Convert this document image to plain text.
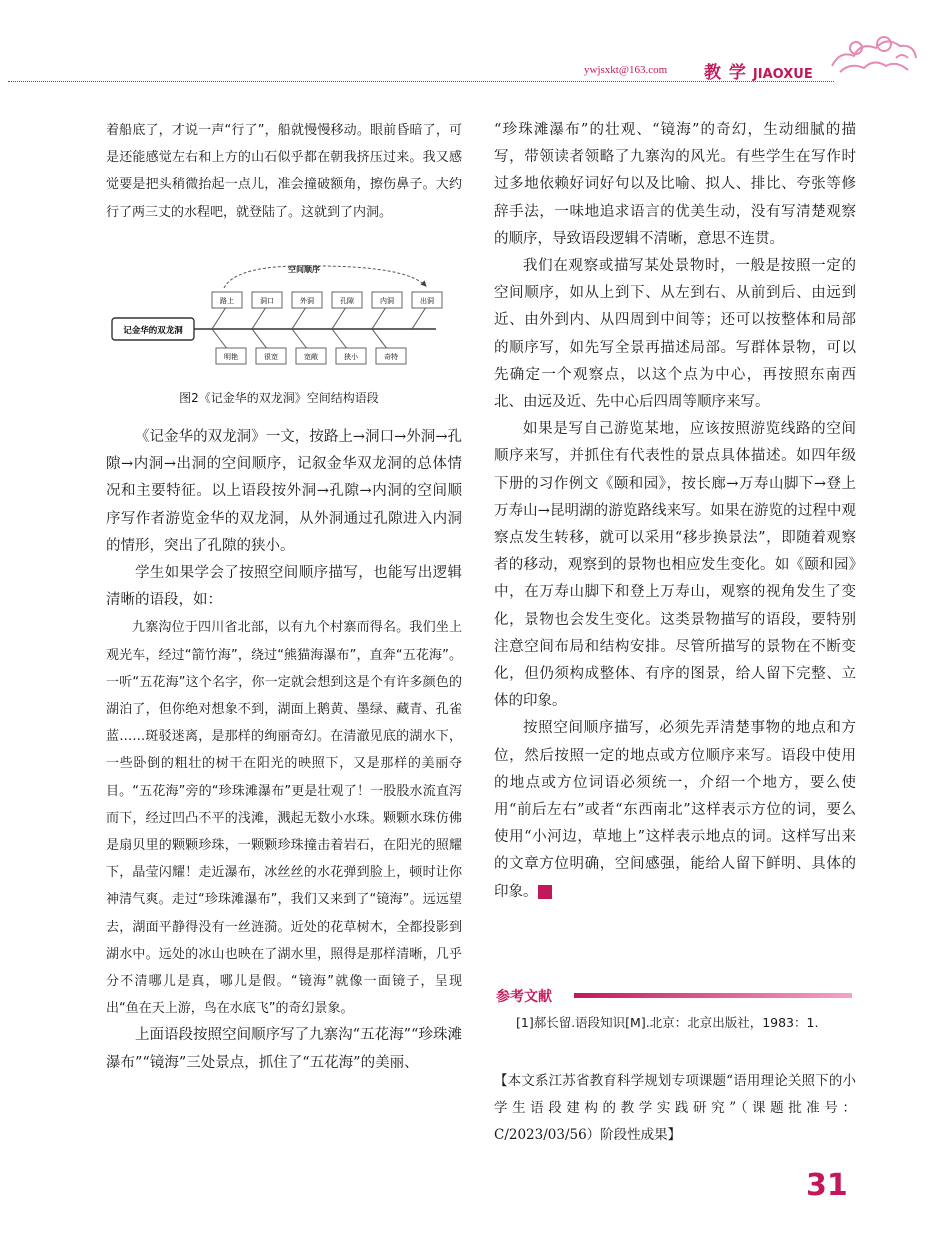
ywjsxkt@163.com 教 学 JIAOXUE

着船底了，才说一声“行了”，船就慢慢移动。眼前昏暗了，可是还能感觉左右和上方的山石似乎都在朝我挤压过来。我又感觉要是把头稍微抬起一点儿，准会撞破额角，擦伤鼻子。大约行了两三丈的水程吧，就登陆了。这就到了内洞。

空间顺序
记金华的双龙洞
路上	洞口	外洞	孔隙	内洞	出洞
明艳	很宽	宽敞	狭小	奇特
图2《记金华的双龙洞》空间结构语段

《记金华的双龙洞》一文，按路上→洞口→外洞→孔隙→内洞→出洞的空间顺序，记叙金华双龙洞的总体情况和主要特征。以上语段按外洞→孔隙→内洞的空间顺序写作者游览金华的双龙洞，从外洞通过孔隙进入内洞的情形，突出了孔隙的狭小。

学生如果学会了按照空间顺序描写，也能写出逻辑清晰的语段，如：

九寨沟位于四川省北部，以有九个村寨而得名。我们坐上观光车，经过“箭竹海”，绕过“熊猫海瀑布”，直奔“五花海”。一听“五花海”这个名字，你一定就会想到这是个有许多颜色的湖泊了，但你绝对想象不到，湖面上鹅黄、墨绿、藏青、孔雀蓝……斑驳迷离，是那样的绚丽奇幻。在清澈见底的湖水下，一些卧倒的粗壮的树干在阳光的映照下，又是那样的美丽夺目。“五花海”旁的“珍珠滩瀑布”更是壮观了！一股股水流直泻而下，经过凹凸不平的浅滩，溅起无数小水珠。颗颗水珠仿佛是扇贝里的颗颗珍珠，一颗颗珍珠撞击着岩石，在阳光的照耀下，晶莹闪耀！走近瀑布，冰丝丝的水花弹到脸上，顿时让你神清气爽。走过“珍珠滩瀑布”，我们又来到了“镜海”。远远望去，湖面平静得没有一丝涟漪。近处的花草树木，全都投影到湖水中。远处的冰山也映在了湖水里，照得是那样清晰，几乎分不清哪儿是真，哪儿是假。“镜海”就像一面镜子，呈现出“鱼在天上游，鸟在水底飞”的奇幻景象。

上面语段按照空间顺序写了九寨沟“五花海”“珍珠滩瀑布”“镜海”三处景点，抓住了“五花海”的美丽、

“珍珠滩瀑布”的壮观、“镜海”的奇幻，生动细腻的描写，带领读者领略了九寨沟的风光。有些学生在写作时过多地依赖好词好句以及比喻、拟人、排比、夸张等修辞手法，一味地追求语言的优美生动，没有写清楚观察的顺序，导致语段逻辑不清晰，意思不连贯。

我们在观察或描写某处景物时，一般是按照一定的空间顺序，如从上到下、从左到右、从前到后、由远到近、由外到内、从四周到中间等；还可以按整体和局部的顺序写，如先写全景再描述局部。写群体景物，可以先确定一个观察点，以这个点为中心，再按照东南西北、由远及近、先中心后四周等顺序来写。

如果是写自己游览某地，应该按照游览线路的空间顺序来写，并抓住有代表性的景点具体描述。如四年级下册的习作例文《颐和园》，按长廊→万寿山脚下→登上万寿山→昆明湖的游览路线来写。如果在游览的过程中观察点发生转移，就可以采用“移步换景法”，即随着观察者的移动，观察到的景物也相应发生变化。如《颐和园》中，在万寿山脚下和登上万寿山，观察的视角发生了变化，景物也会发生变化。这类景物描写的语段，要特别注意空间布局和结构安排。尽管所描写的景物在不断变化，但仍须构成整体、有序的图景，给人留下完整、立体的印象。

按照空间顺序描写，必须先弄清楚事物的地点和方位，然后按照一定的地点或方位顺序来写。语段中使用的地点或方位词语必须统一，介绍一个地方，要么使用“前后左右”或者“东西南北”这样表示方位的词，要么使用“小河边，草地上”这样表示地点的词。这样写出来的文章方位明确，空间感强，能给人留下鲜明、具体的印象。	潘

参考文献
[1]郝长留.语段知识[M].北京：北京出版社，1983：1.

【本文系江苏省教育科学规划专项课题“语用理论关照下的小学生语段建构的教学实践研究”（课题批准号：C/2023/03/56）阶段性成果】

31
